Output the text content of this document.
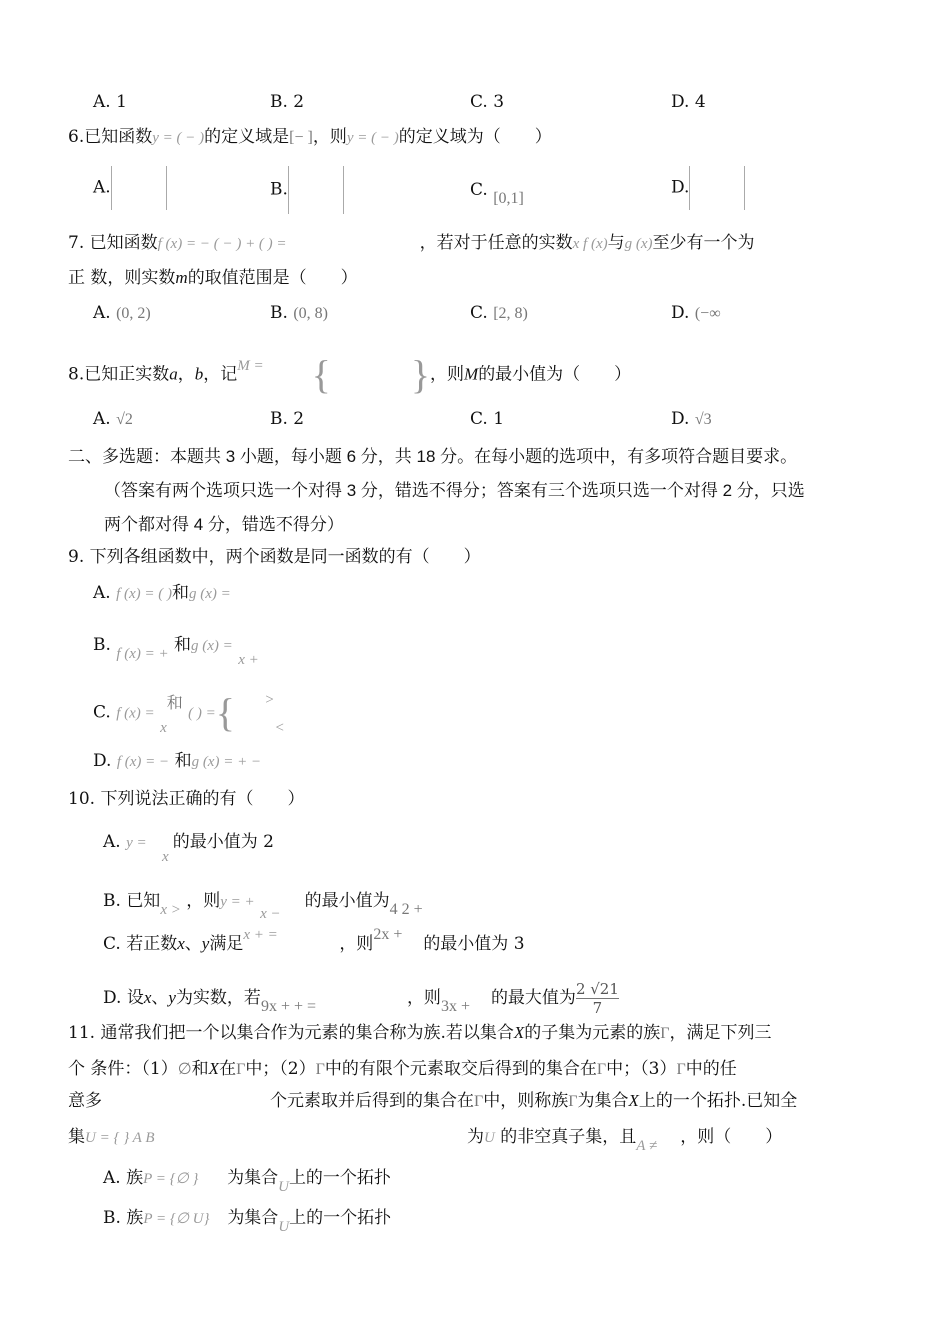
A. 1	B. 2	C. 3	D. 4
6.已知函数y = ( − )的定义域是[− ]，则y = ( − )的定义域为（　　）
A.	B.	C. [0,1]
D.
7. 已知函数f (x) = − ( − ) + ( ) =	，若对于任意的实数x f (x)与g (x)至少有一个为
正 数，则实数m的取值范围是（　　）
A. (0, 2)	B. (0, 8)	C. [2, 8)	D. (−∞
8.已知正实数a，b，记M = { }，则M的最小值为（　　）
A. √2	B. 2	C. 1	D. √3
二、多选题：本题共 3 小题，每小题 6 分，共 18 分。在每小题的选项中，有多项符合题目要求。
（答案有两个选项只选一个对得 3 分，错选不得分；答案有三个选项只选一个对得 2 分，只选
两个都对得 4 分，错选不得分）
9. 下列各组函数中，两个函数是同一函数的有（　　）
A. f (x) = ( )和g (x) =
B. f (x) = + 和g (x) = x +
C. f (x) = x和 ( ) ={ ><
D. f (x) = − 和g (x) = + −
10. 下列说法正确的有（　　）
A. y = x的最小值为 2
B. 已知x > ，则y = + x −的最小值为4 2 +
C. 若正数x、y满足x + =	，则2x + 的最小值为 3
D. 设x、y为实数，若9x + + =	，则3x + 的最大值为 $\frac{2 √21}{7}$
11. 通常我们把一个以集合作为元素的集合称为族.若以集合X的子集为元素的族Γ，满足下列三
个 条件：（1）∅和X在Γ中；（2）Γ中的有限个元素取交后得到的集合在Γ中；（3）Γ中的任
意多	个元素取并后得到的集合在Γ中，则称族Γ为集合X上的一个拓扑.已知全
集U = { } A B	为U 的非空真子集，且A ≠ ，则（　　）
A. 族P = {∅ } 为集合U上的一个拓扑
B. 族P = {∅ U} 为集合U上的一个拓扑
